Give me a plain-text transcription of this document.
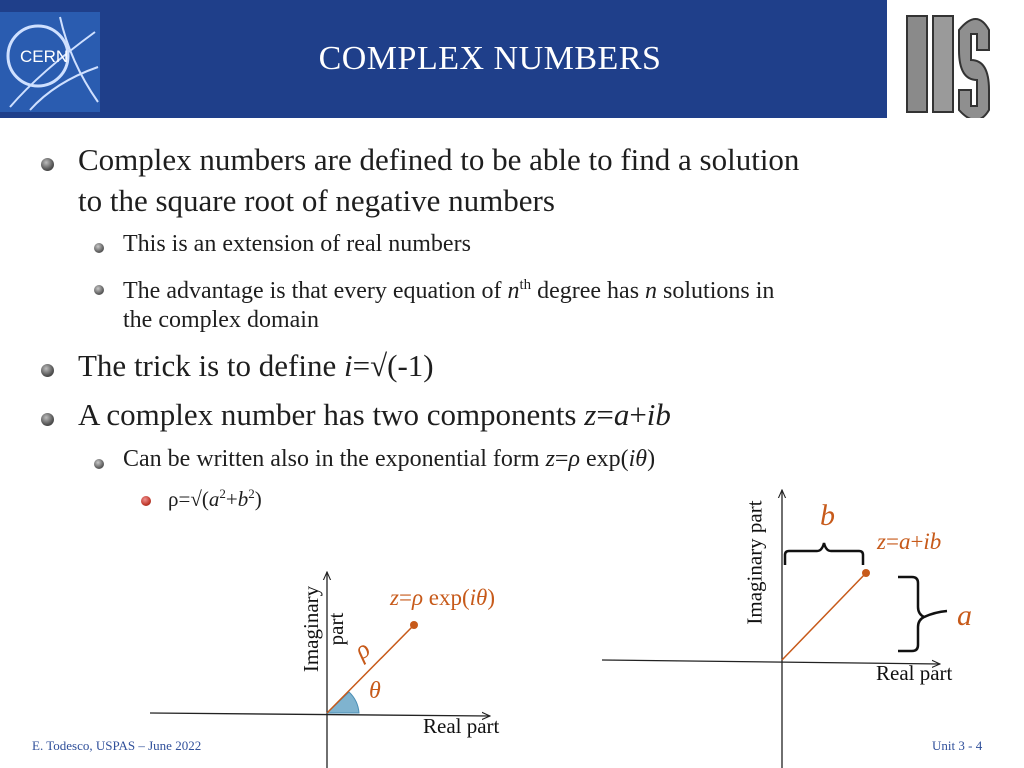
CERN	COMPLEX NUMBERS
Complex numbers are defined to be able to find a solution
to the square root of negative numbers
This is an extension of real numbers
The advantage is that every equation of $n^{th}$ degree has n solutions in
the complex domain
The trick is to define i=√(-1)
A complex number has two components z=a+ib
Can be written also in the exponential form z=ρ exp(iθ)
$\rho=√(a^2+b^2)$
Imaginary part
Real part
z=ρ exp(iθ)
ρ
θ
Imaginary part
Real part
z=a+ib
b
a
E. Todesco, USPAS – June 2022	Unit 3 - 4
